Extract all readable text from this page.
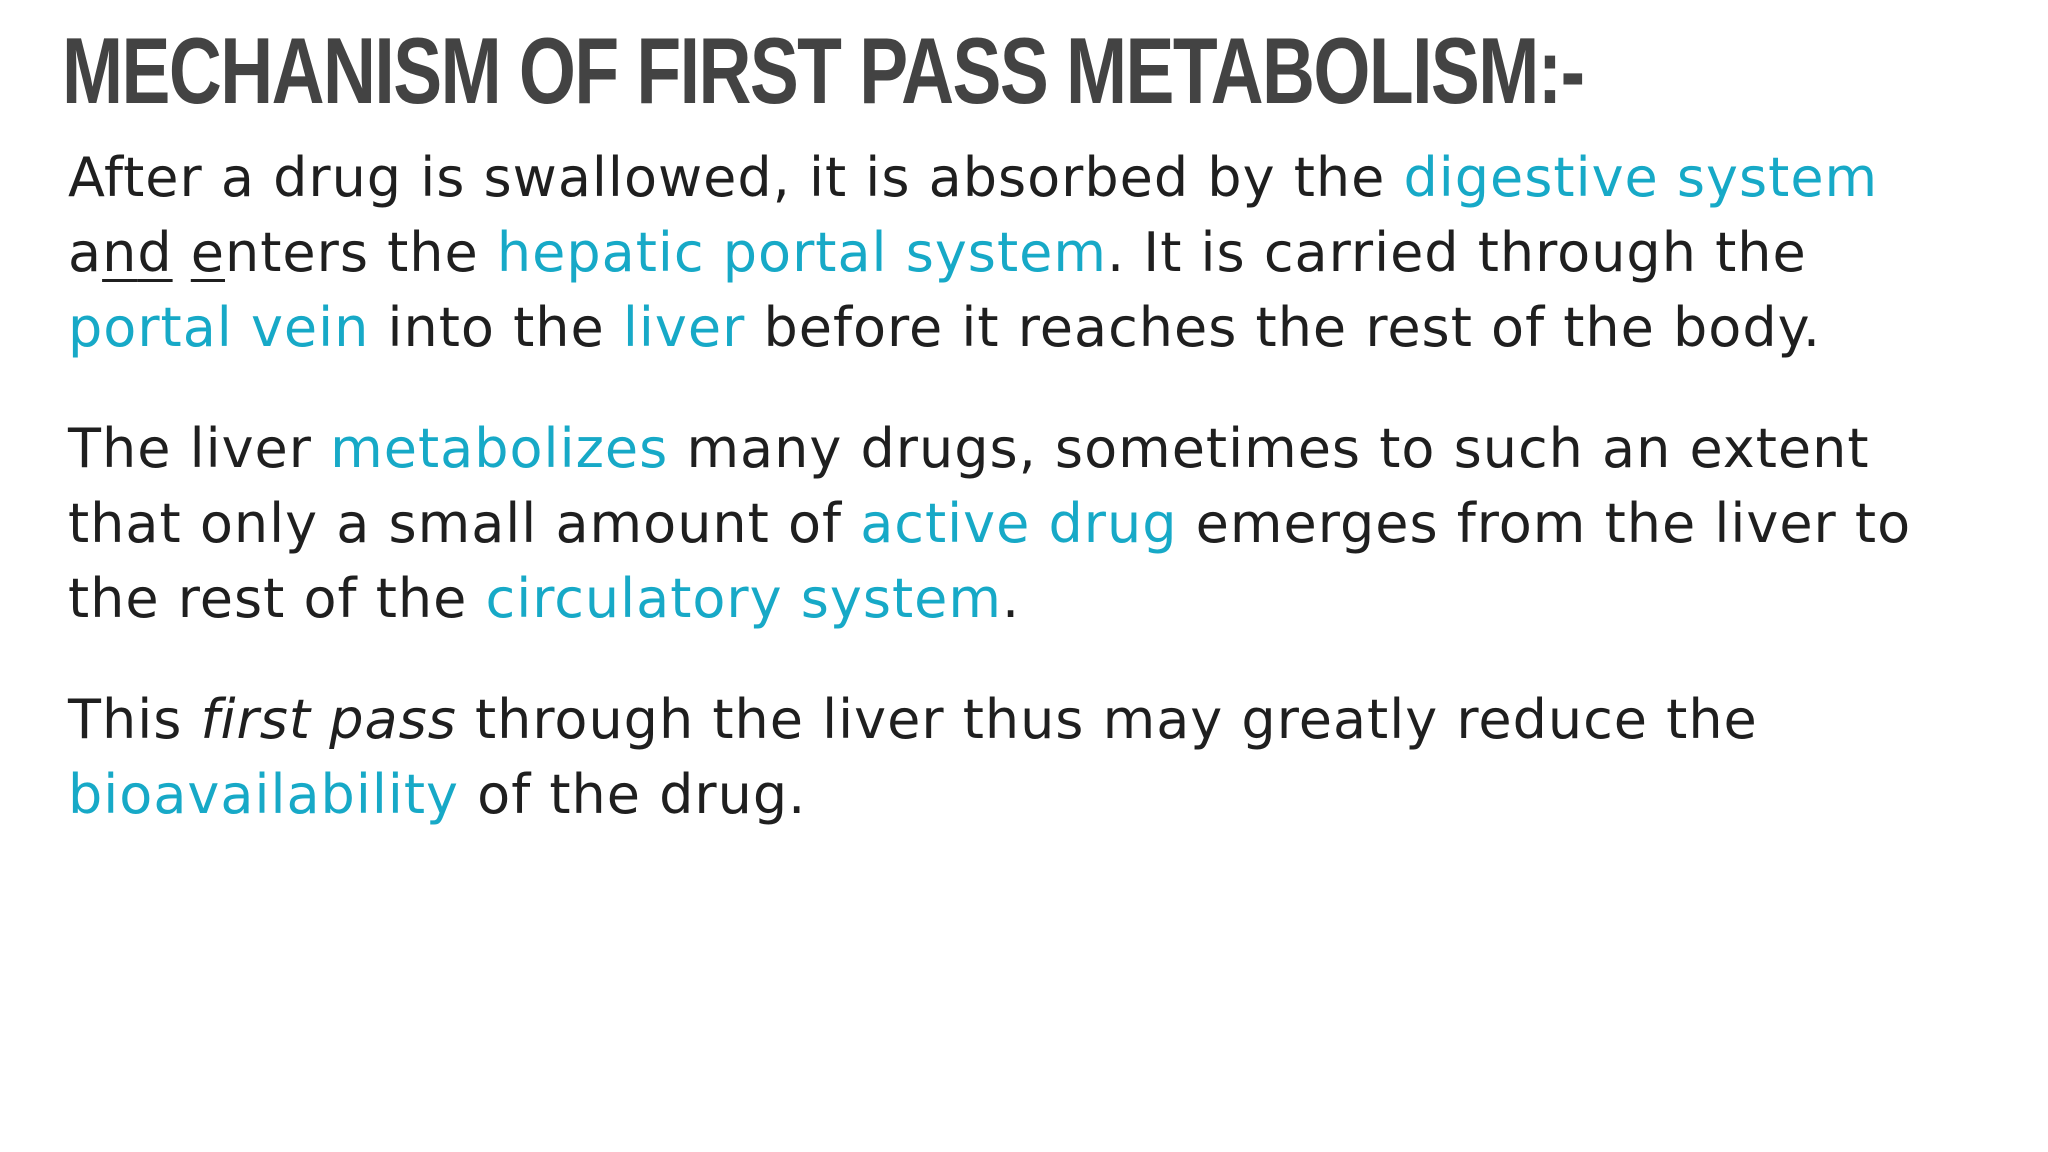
MECHANISM OF FIRST PASS METABOLISM:-

After a drug is swallowed, it is absorbed by the digestive system
and enters the hepatic portal system. It is carried through the
portal vein into the liver before it reaches the rest of the body.

The liver metabolizes many drugs, sometimes to such an extent
that only a small amount of active drug emerges from the liver to
the rest of the circulatory system.

This first pass through the liver thus may greatly reduce the
bioavailability of the drug.
